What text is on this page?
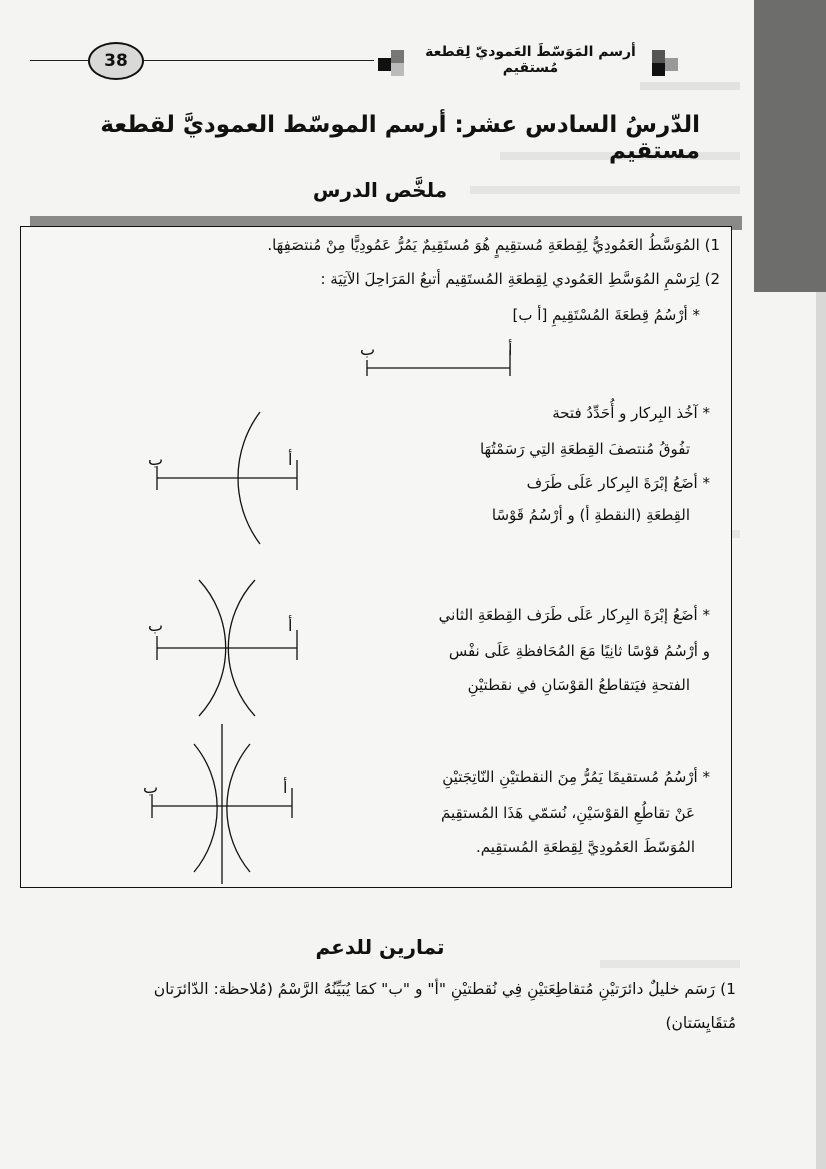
38	أرسم المَوَسّطَ العَموديّ لِقطعة مُستقيم
الدّرسُ السادس عشر: أرسم الموسّط العموديَّ لقطعة مستقيم
ملخَّص الدرس
1) المُوَسَّطُ العَمُودِيُّ لِقِطعَةِ مُستقِيمٍ هُوَ مُستَقِيمٌ يَمُرُّ عَمُودِيًّا مِنْ مُنتصَفِهَا.
2) لِرَسْمِ المُوَسَّطِ العَمُودي لِقِطعَةِ المُستَقِيم أتبعُ المَرَاحِلَ الآتِيَة :
* أرْسُمُ قِطعَةَ المُسْتَقِيمِ [أ ب]
ب	أ
* آخُذ البِركار و أُحَدِّدُ فتحة
تفُوقُ مُنتصفَ القِطعَةِ التِي رَسَمْتُهَا
* أضَعُ إبْرَةَ البِركار عَلَى طَرَف
القِطعَةِ (النقطةِ أ) و أرْسُمُ قَوْسًا
ب	أ
* أضَعُ إبْرَةَ البِركار عَلَى طَرَف القِطعَةِ الثاني
و أرْسُمُ قوْسًا ثانِيًا مَعَ المُحَافظةِ عَلَى نفْس
الفتحةِ فيَتقاطعُ القوْسَانِ في نقطتيْنِ
ب	أ
* أرْسُمُ مُستقيمًا يَمُرُّ مِنَ النقطتيْنِ النّاتِجَتيْنِ
عَنْ تقاطُعِ القوْسَيْنِ، نُسَمّي هَذَا المُستقِيمَ
المُوَسّطَ العَمُودِيَّ لِقِطعَةِ المُستقِيم.
ب	أ
تمارين للدعم
1) رَسَم خليلٌ دائرَتيْنِ مُتقاطِعَتيْنِ فِي نُقطتيْنِ "أ" و "ب" كمَا يُبَيِّنُهُ الرَّسْمُ (مُلاحظة: الدّائرَتان
مُتقَايِسَتان)
